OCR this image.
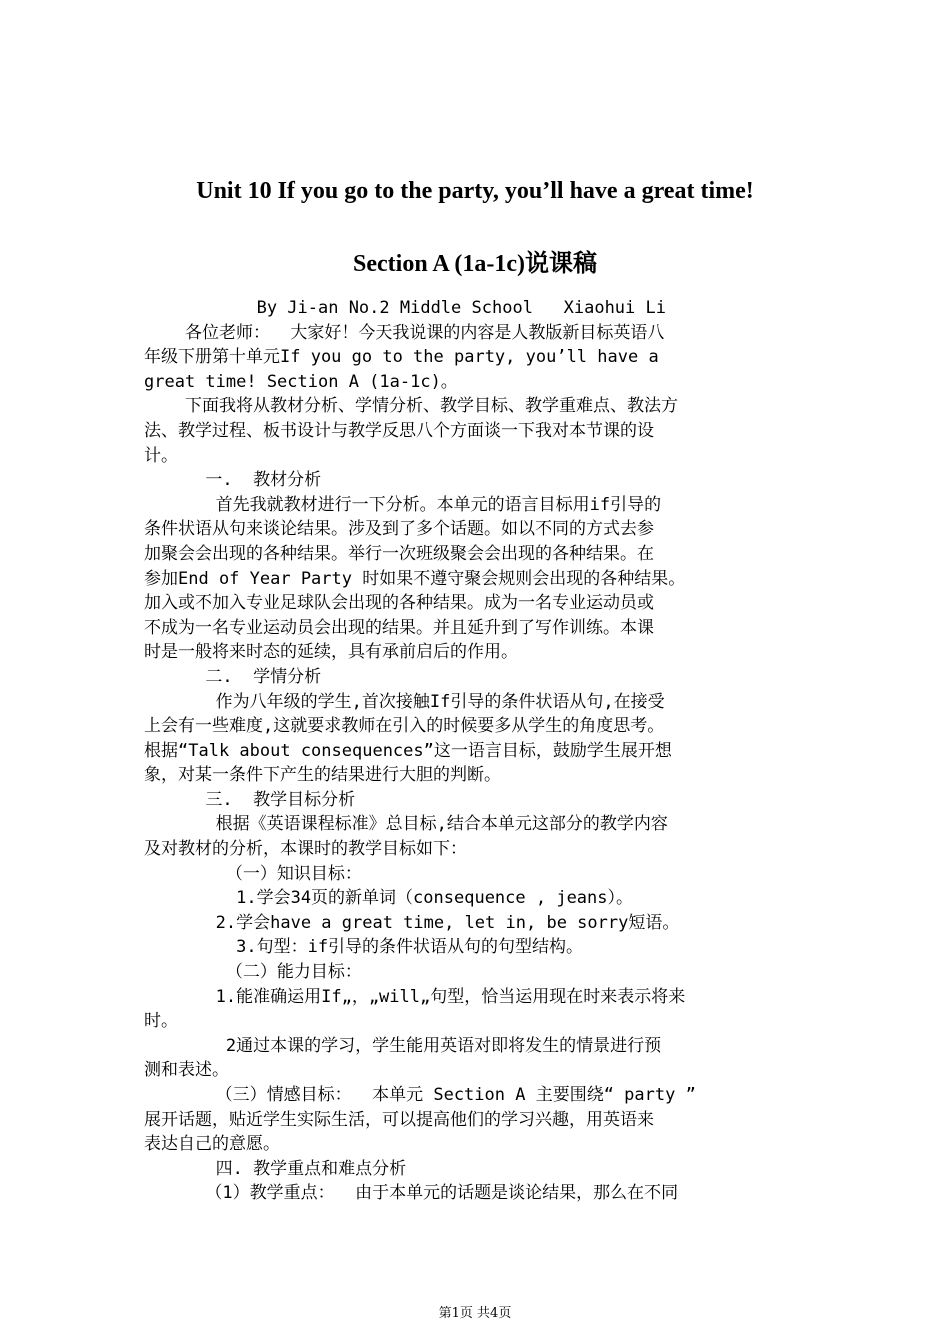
Unit 10 If you go to the party, you’ll have a great time!
Section A (1a-1c)说课稿
By Ji-an No.2 Middle School   Xiaohui Li
各位老师：  大家好！今天我说课的内容是人教版新目标英语八
年级下册第十单元If you go to the party, you’ll have a
great time! Section A (1a-1c)。
下面我将从教材分析、学情分析、教学目标、教学重难点、教法方
法、教学过程、板书设计与教学反思八个方面谈一下我对本节课的设
计。
一.  教材分析
首先我就教材进行一下分析。本单元的语言目标用if引导的
条件状语从句来谈论结果。涉及到了多个话题。如以不同的方式去参
加聚会会出现的各种结果。举行一次班级聚会会出现的各种结果。在
参加End of Year Party 时如果不遵守聚会规则会出现的各种结果。
加入或不加入专业足球队会出现的各种结果。成为一名专业运动员或
不成为一名专业运动员会出现的结果。并且延升到了写作训练。本课
时是一般将来时态的延续，具有承前启后的作用。
二.  学情分析
作为八年级的学生,首次接触If引导的条件状语从句,在接受
上会有一些难度,这就要求教师在引入的时候要多从学生的角度思考。
根据“Talk about consequences”这一语言目标，鼓励学生展开想
象，对某一条件下产生的结果进行大胆的判断。
三.  教学目标分析
根据《英语课程标准》总目标,结合本单元这部分的教学内容
及对教材的分析，本课时的教学目标如下：
（一）知识目标：
1.学会34页的新单词（consequence , jeans）。
2.学会have a great time, let in, be sorry短语。
3.句型：if引导的条件状语从句的句型结构。
（二）能力目标：
1.能准确运用If„，„will„句型，恰当运用现在时来表示将来
时。
2通过本课的学习，学生能用英语对即将发生的情景进行预
测和表述。
（三）情感目标：  本单元 Section A 主要围绕“ party ”
展开话题，贴近学生实际生活，可以提高他们的学习兴趣，用英语来
表达自己的意愿。
四. 教学重点和难点分析
（1）教学重点：  由于本单元的话题是谈论结果，那么在不同
第1页 共4页
